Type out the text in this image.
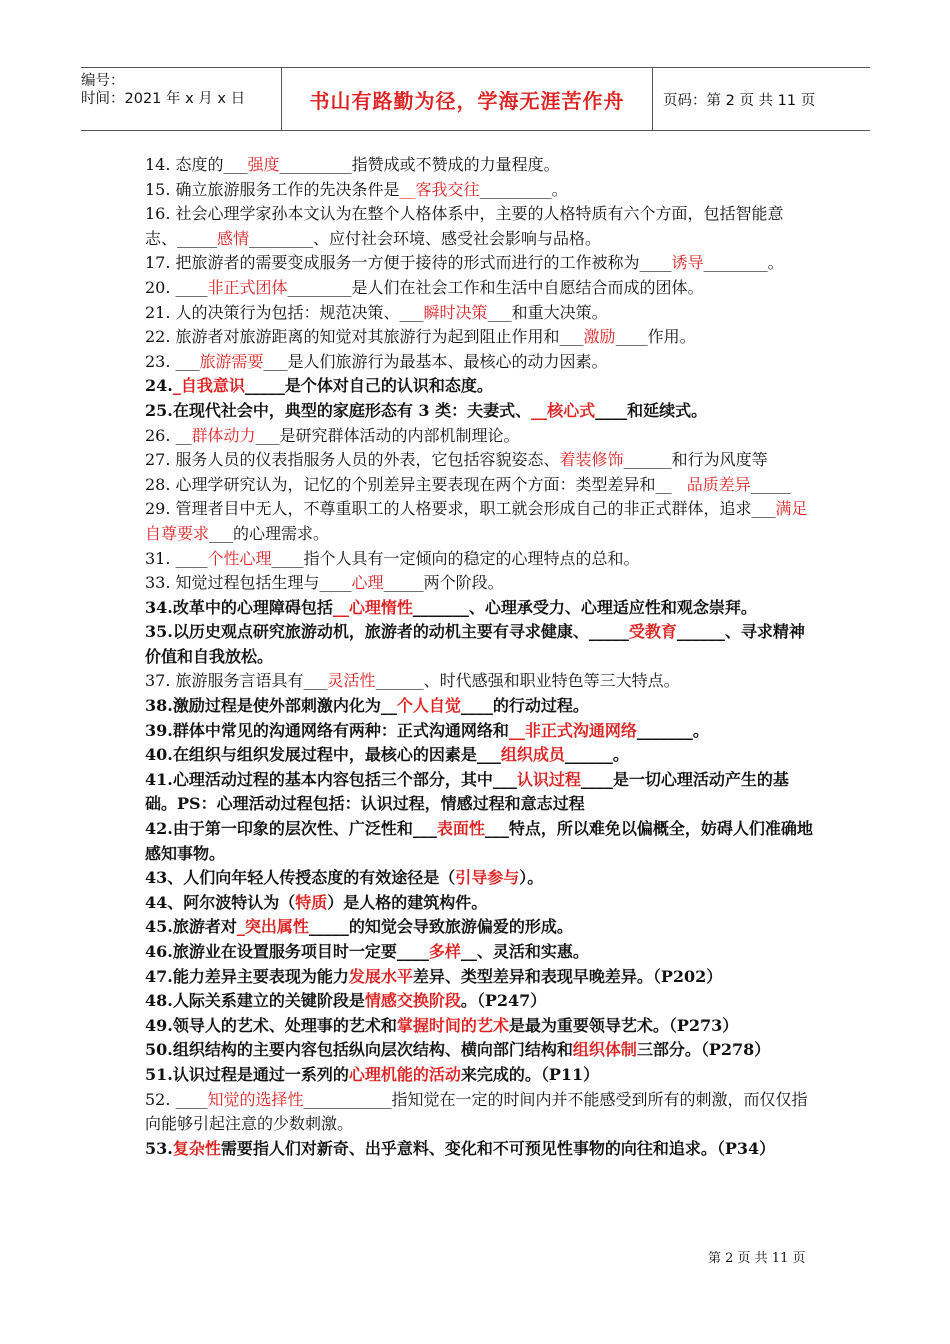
编号：
时间：2021 年 x 月 x 日	书山有路勤为径，学海无涯苦作舟	页码：第 2 页 共 11 页

14. 态度的___强度_________指赞成或不赞成的力量程度。

15. 确立旅游服务工作的先决条件是__客我交往_________。

16. 社会心理学家孙本文认为在整个人格体系中，主要的人格特质有六个方面，包括智能意志、_____感情________、应付社会环境、感受社会影响与品格。

17. 把旅游者的需要变成服务一方便于接待的形式而进行的工作被称为____诱导________。

20. ____非正式团体________是人们在社会工作和生活中自愿结合而成的团体。

21. 人的决策行为包括：规范决策、___瞬时决策___和重大决策。

22. 旅游者对旅游距离的知觉对其旅游行为起到阻止作用和___激励____作用。

23. ___旅游需要___是人们旅游行为最基本、最核心的动力因素。

24._自我意识_____是个体对自己的认识和态度。

25.在现代社会中，典型的家庭形态有 3 类：夫妻式、__核心式____和延续式。

26. __群体动力___是研究群体活动的内部机制理论。

27. 服务人员的仪表指服务人员的外表，它包括容貌姿态、着装修饰______和行为风度等

28. 心理学研究认为，记忆的个别差异主要表现在两个方面：类型差异和__   品质差异_____

29. 管理者目中无人，不尊重职工的人格要求，职工就会形成自己的非正式群体，追求___满足自尊要求___的心理需求。

31. ____个性心理____指个人具有一定倾向的稳定的心理特点的总和。

33. 知觉过程包括生理与____心理_____两个阶段。

34.改革中的心理障碍包括__心理惰性_______、心理承受力、心理适应性和观念崇拜。

35.以历史观点研究旅游动机，旅游者的动机主要有寻求健康、_____受教育______、寻求精神价值和自我放松。

37. 旅游服务言语具有___灵活性______、时代感强和职业特色等三大特点。

38.激励过程是使外部刺激内化为__个人自觉____的行动过程。

39.群体中常见的沟通网络有两种：正式沟通网络和__非正式沟通网络_______。

40.在组织与组织发展过程中，最核心的因素是___组织成员______。

41.心理活动过程的基本内容包括三个部分，其中___认识过程____是一切心理活动产生的基础。PS：心理活动过程包括：认识过程，情感过程和意志过程

42.由于第一印象的层次性、广泛性和___表面性___特点，所以难免以偏概全，妨碍人们准确地感知事物。

43、人们向年轻人传授态度的有效途径是（引导参与）。

44、阿尔波特认为（特质）是人格的建筑构件。

45.旅游者对_突出属性_____的知觉会导致旅游偏爱的形成。

46.旅游业在设置服务项目时一定要____多样__、灵活和实惠。

47.能力差异主要表现为能力发展水平差异、类型差异和表现早晚差异。（P202）

48.人际关系建立的关键阶段是情感交换阶段。（P247）

49.领导人的艺术、处理事的艺术和掌握时间的艺术是最为重要领导艺术。（P273）

50.组织结构的主要内容包括纵向层次结构、横向部门结构和组织体制三部分。（P278）

51.认识过程是通过一系列的心理机能的活动来完成的。（P11）

52. ____知觉的选择性___________指知觉在一定的时间内并不能感受到所有的刺激，而仅仅指向能够引起注意的少数刺激。

53.复杂性需要指人们对新奇、出乎意料、变化和不可预见性事物的向往和追求。（P34）

第 2 页 共 11 页
